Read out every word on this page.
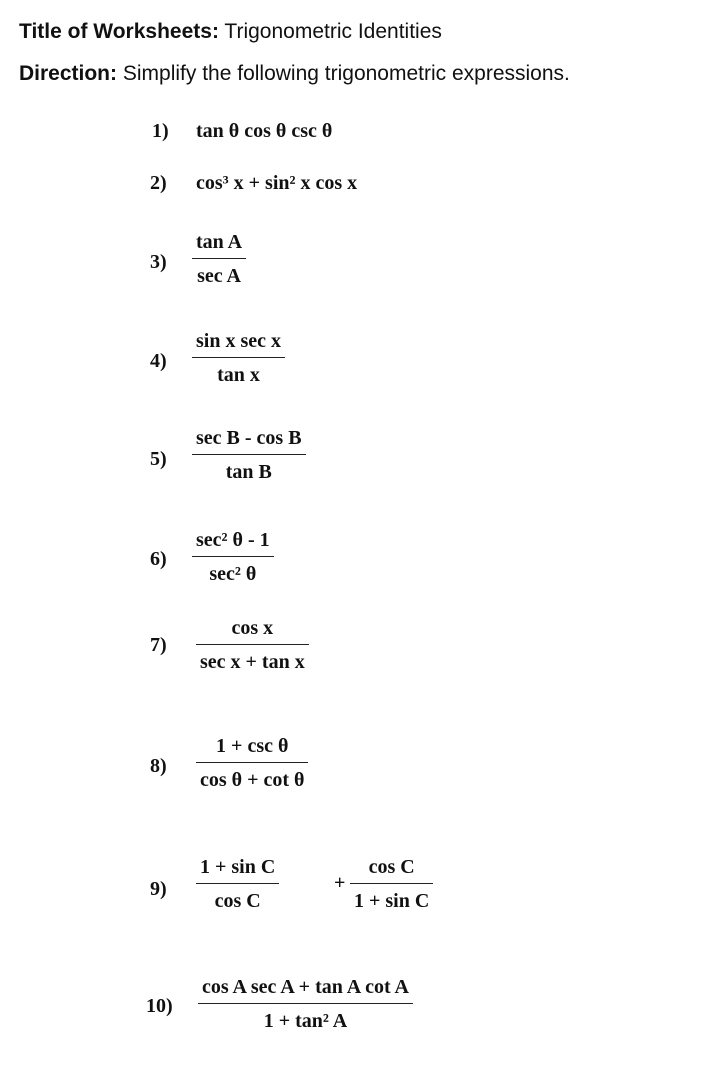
Title of Worksheets: Trigonometric Identities
Direction: Simplify the following trigonometric expressions.
1) tan θ cos θ csc θ
2) cos³ x + sin² x cos x
3)
tan A
sec A
4)
sin x sec x
tan x
5)
sec B - cos B
tan B
6)
sec² θ - 1
sec² θ
7)
cos x
sec x + tan x
8)
1 + csc θ
cos θ + cot θ
9)
1 + sin C
cos C
+
cos C
1 + sin C
10)
cos A sec A + tan A cot A
1 + tan² A
